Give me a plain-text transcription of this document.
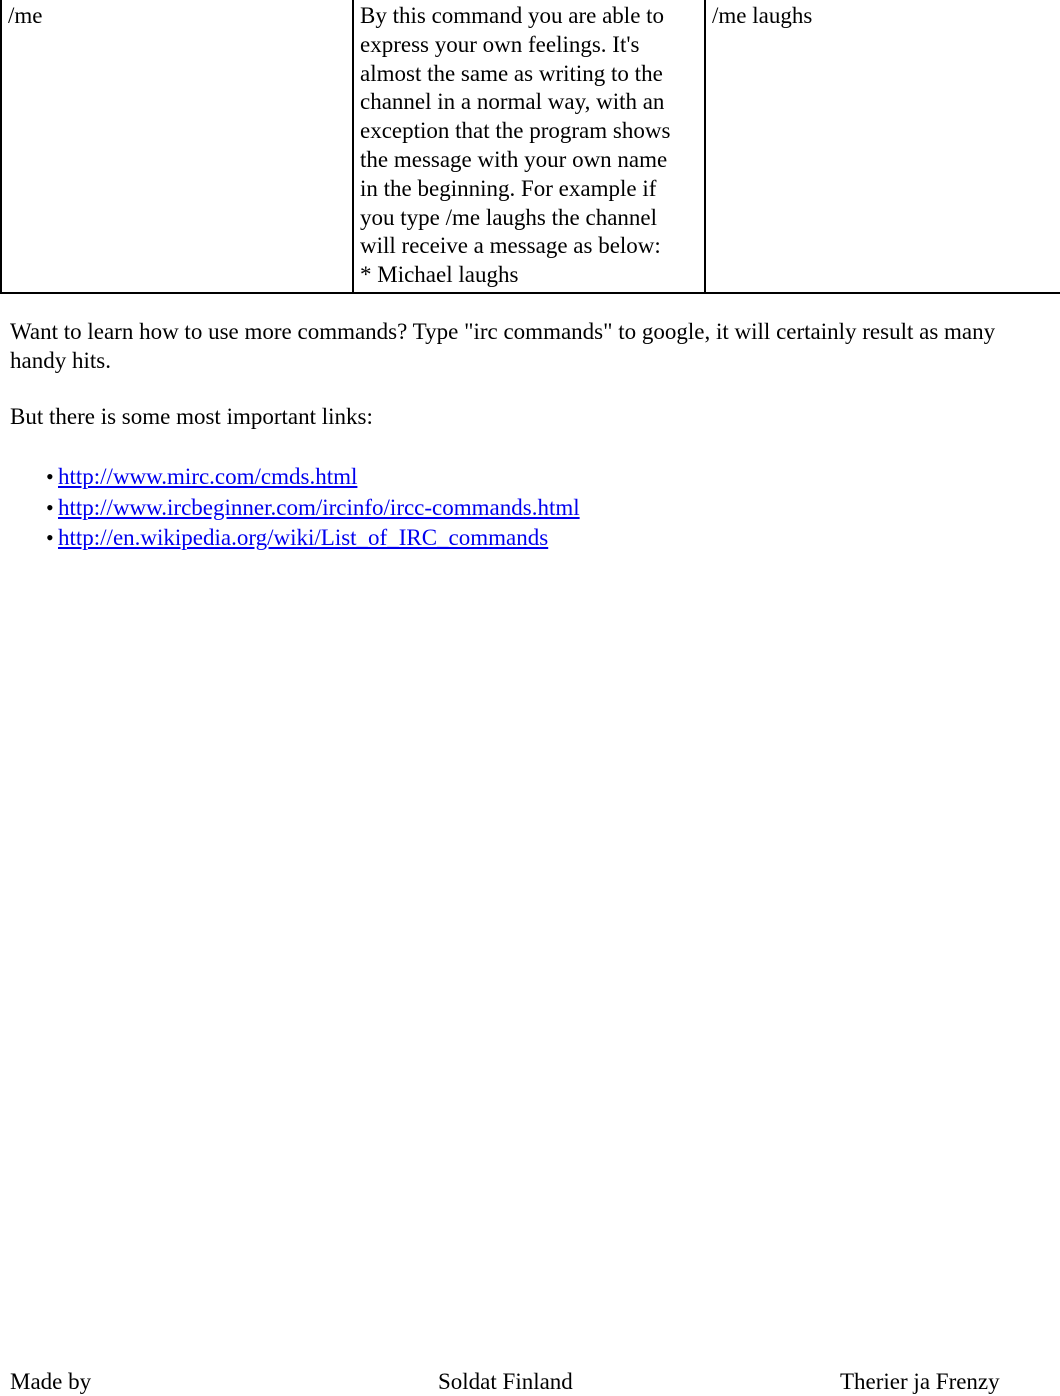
/me	By this command you are able to
express your own feelings. It's
almost the same as writing to the
channel in a normal way, with an
exception that the program shows
the message with your own name
in the beginning. For example if
you type /me laughs the channel
will receive a message as below:
* Michael laughs	/me laughs

Want to learn how to use more commands? Type "irc commands" to google, it will certainly result as many handy hits.

But there is some most important links:

• http://www.mirc.com/cmds.html
• http://www.ircbeginner.com/ircinfo/ircc-commands.html
• http://en.wikipedia.org/wiki/List_of_IRC_commands
Made by	Soldat Finland	Therier ja Frenzy
